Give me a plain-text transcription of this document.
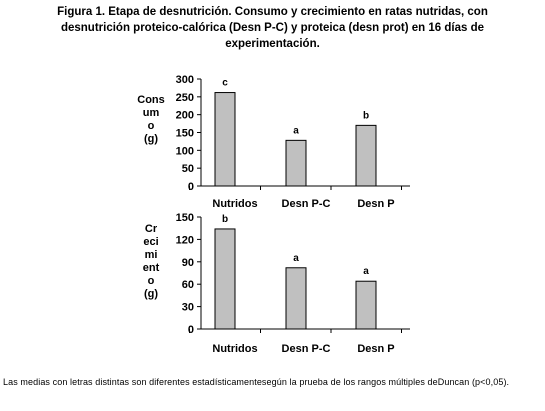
Figura 1. Etapa de desnutrición. Consumo y crecimiento en ratas nutridas, con
desnutrición proteico-calórica (Desn P-C) y proteica (desn prot) en 16 días de
experimentación.
Cons
um
o
(g)
0
50
100
150
200
250
300	c
Nutridos
a
Desn P-C
b
Desn P
Cr
eci
mi
ent
o
(g)
0
30
60
90
120
150	b
Nutridos
a
Desn P-C
a
Desn P
Las medias con letras distintas son diferentes estadísticamentesegún la prueba de los rangos múltiples deDuncan (p<0,05).
